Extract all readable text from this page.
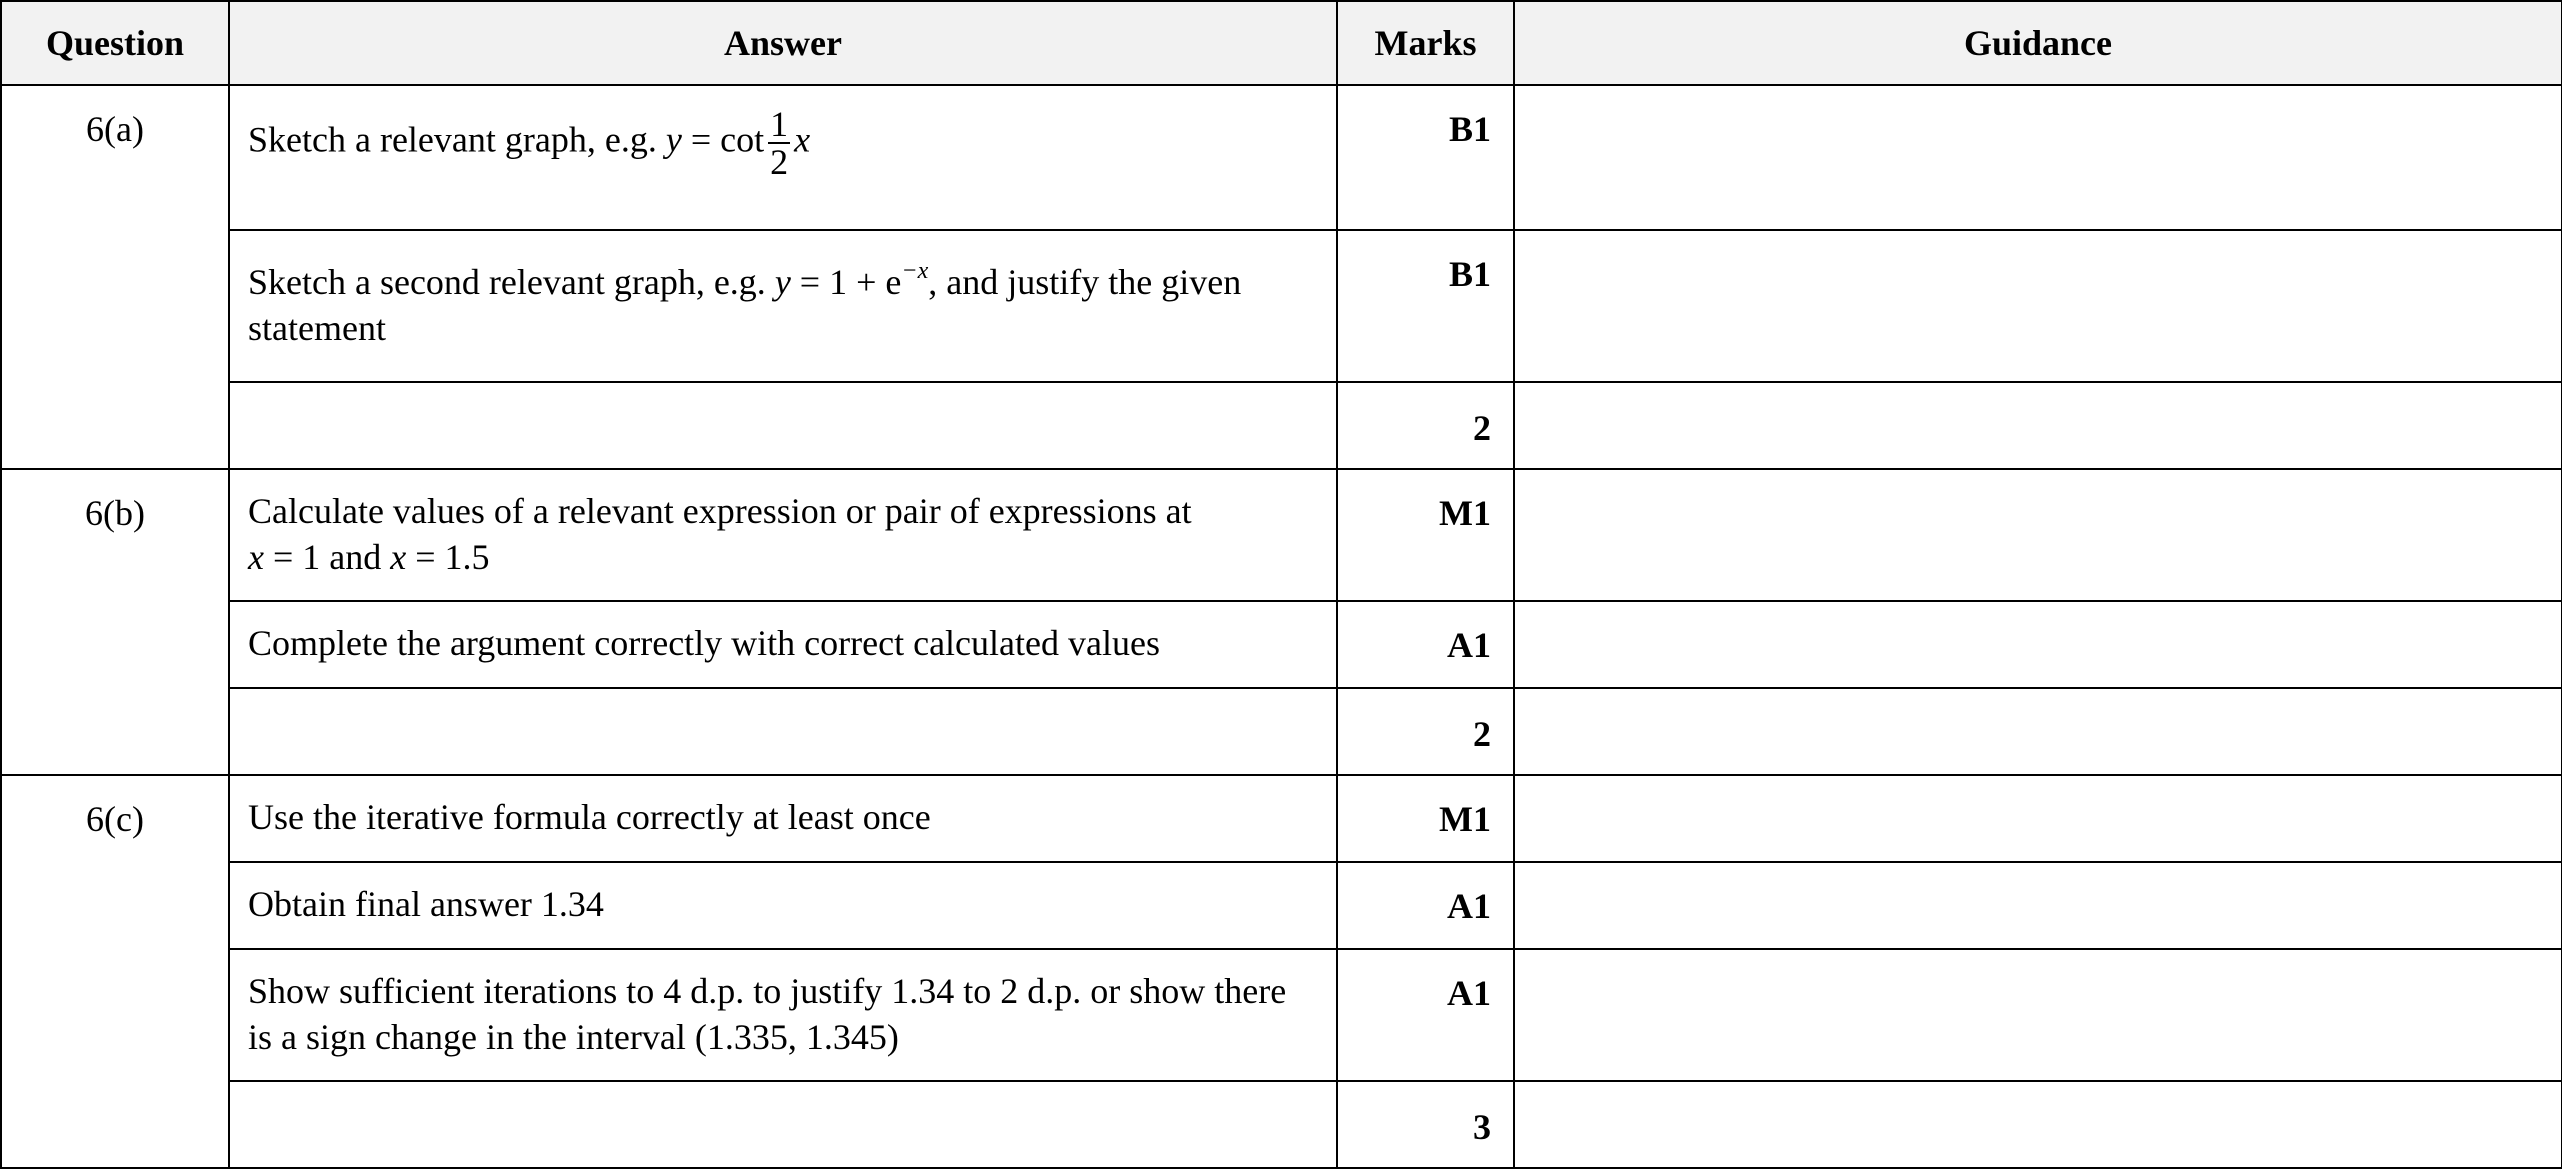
Question	Answer	Marks	Guidance
6(a)	Sketch a relevant graph, e.g. $y = \cot \frac{1}{2}$ x	B1	
	Sketch a second relevant graph, e.g. $y = 1 + e^{-x}$, and justify the given statement	B1	
		2	
6(b)	Calculate values of a relevant expression or pair of expressions at
x = 1 and x = 1.5	M1	
	Complete the argument correctly with correct calculated values	A1	
		2	
6(c)	Use the iterative formula correctly at least once	M1	
	Obtain final answer 1.34	A1	
	Show sufficient iterations to 4 d.p. to justify 1.34 to 2 d.p. or show there is a sign change in the interval (1.335, 1.345)	A1	
		3	
